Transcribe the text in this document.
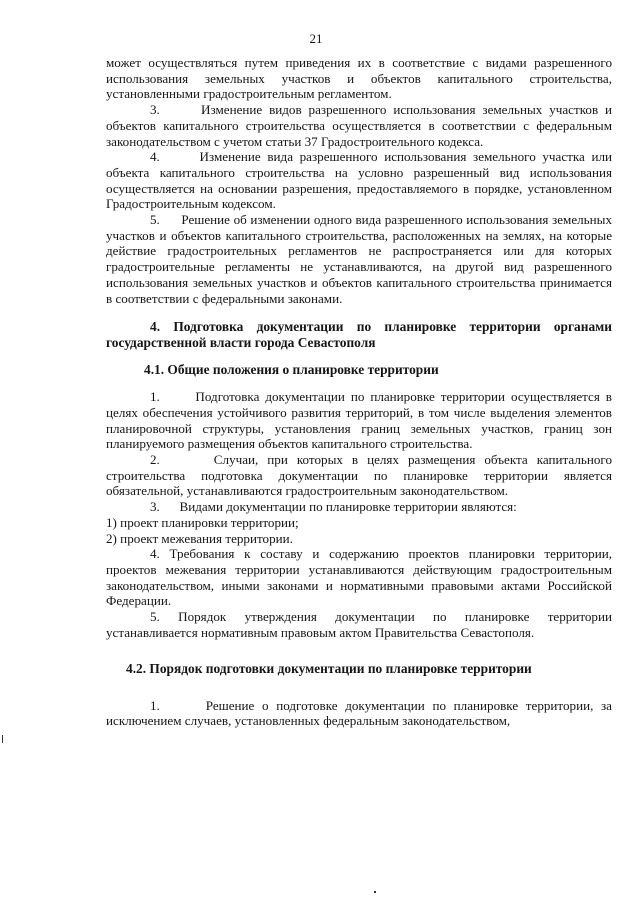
21

может осуществляться путем приведения их в соответствие с видами разрешенного использования земельных участков и объектов капитального строительства, установленными градостроительным регламентом.

3.      Изменение видов разрешенного использования земельных участков и объектов капитального строительства осуществляется в соответствии с федеральным законодательством с учетом статьи 37 Градостроительного кодекса.

4.      Изменение вида разрешенного использования земельного участка или объекта капитального строительства на условно разрешенный вид использования осуществляется на основании разрешения, предоставляемого в порядке, установленном Градостроительным кодексом.

5.      Решение об изменении одного вида разрешенного использования земельных участков и объектов капитального строительства, расположенных на землях, на которые действие градостроительных регламентов не распространяется или для которых градостроительные регламенты не устанавливаются, на другой вид разрешенного использования земельных участков и объектов капитального строительства принимается в соответствии с федеральными законами.

4. Подготовка документации по планировке территории органами государственной власти города Севастополя

4.1. Общие положения о планировке территории

1.      Подготовка документации по планировке территории осуществляется в целях обеспечения устойчивого развития территорий, в том числе выделения элементов планировочной структуры, установления границ земельных участков, границ зон планируемого размещения объектов капитального строительства.

2.      Случаи, при которых в целях размещения объекта капитального строительства подготовка документации по планировке территории является обязательной, устанавливаются градостроительным законодательством.

3.      Видами документации по планировке территории являются:

1) проект планировки территории;

2) проект межевания территории.

4. Требования к составу и содержанию проектов планировки территории, проектов межевания территории устанавливаются действующим градостроительным законодательством, иными законами и нормативными правовыми актами Российской Федерации.

5. Порядок утверждения документации по планировке территории устанавливается нормативным правовым актом Правительства Севастополя.

4.2. Порядок подготовки документации по планировке территории

1.      Решение о подготовке документации по планировке территории, за исключением случаев, установленных федеральным законодательством,
